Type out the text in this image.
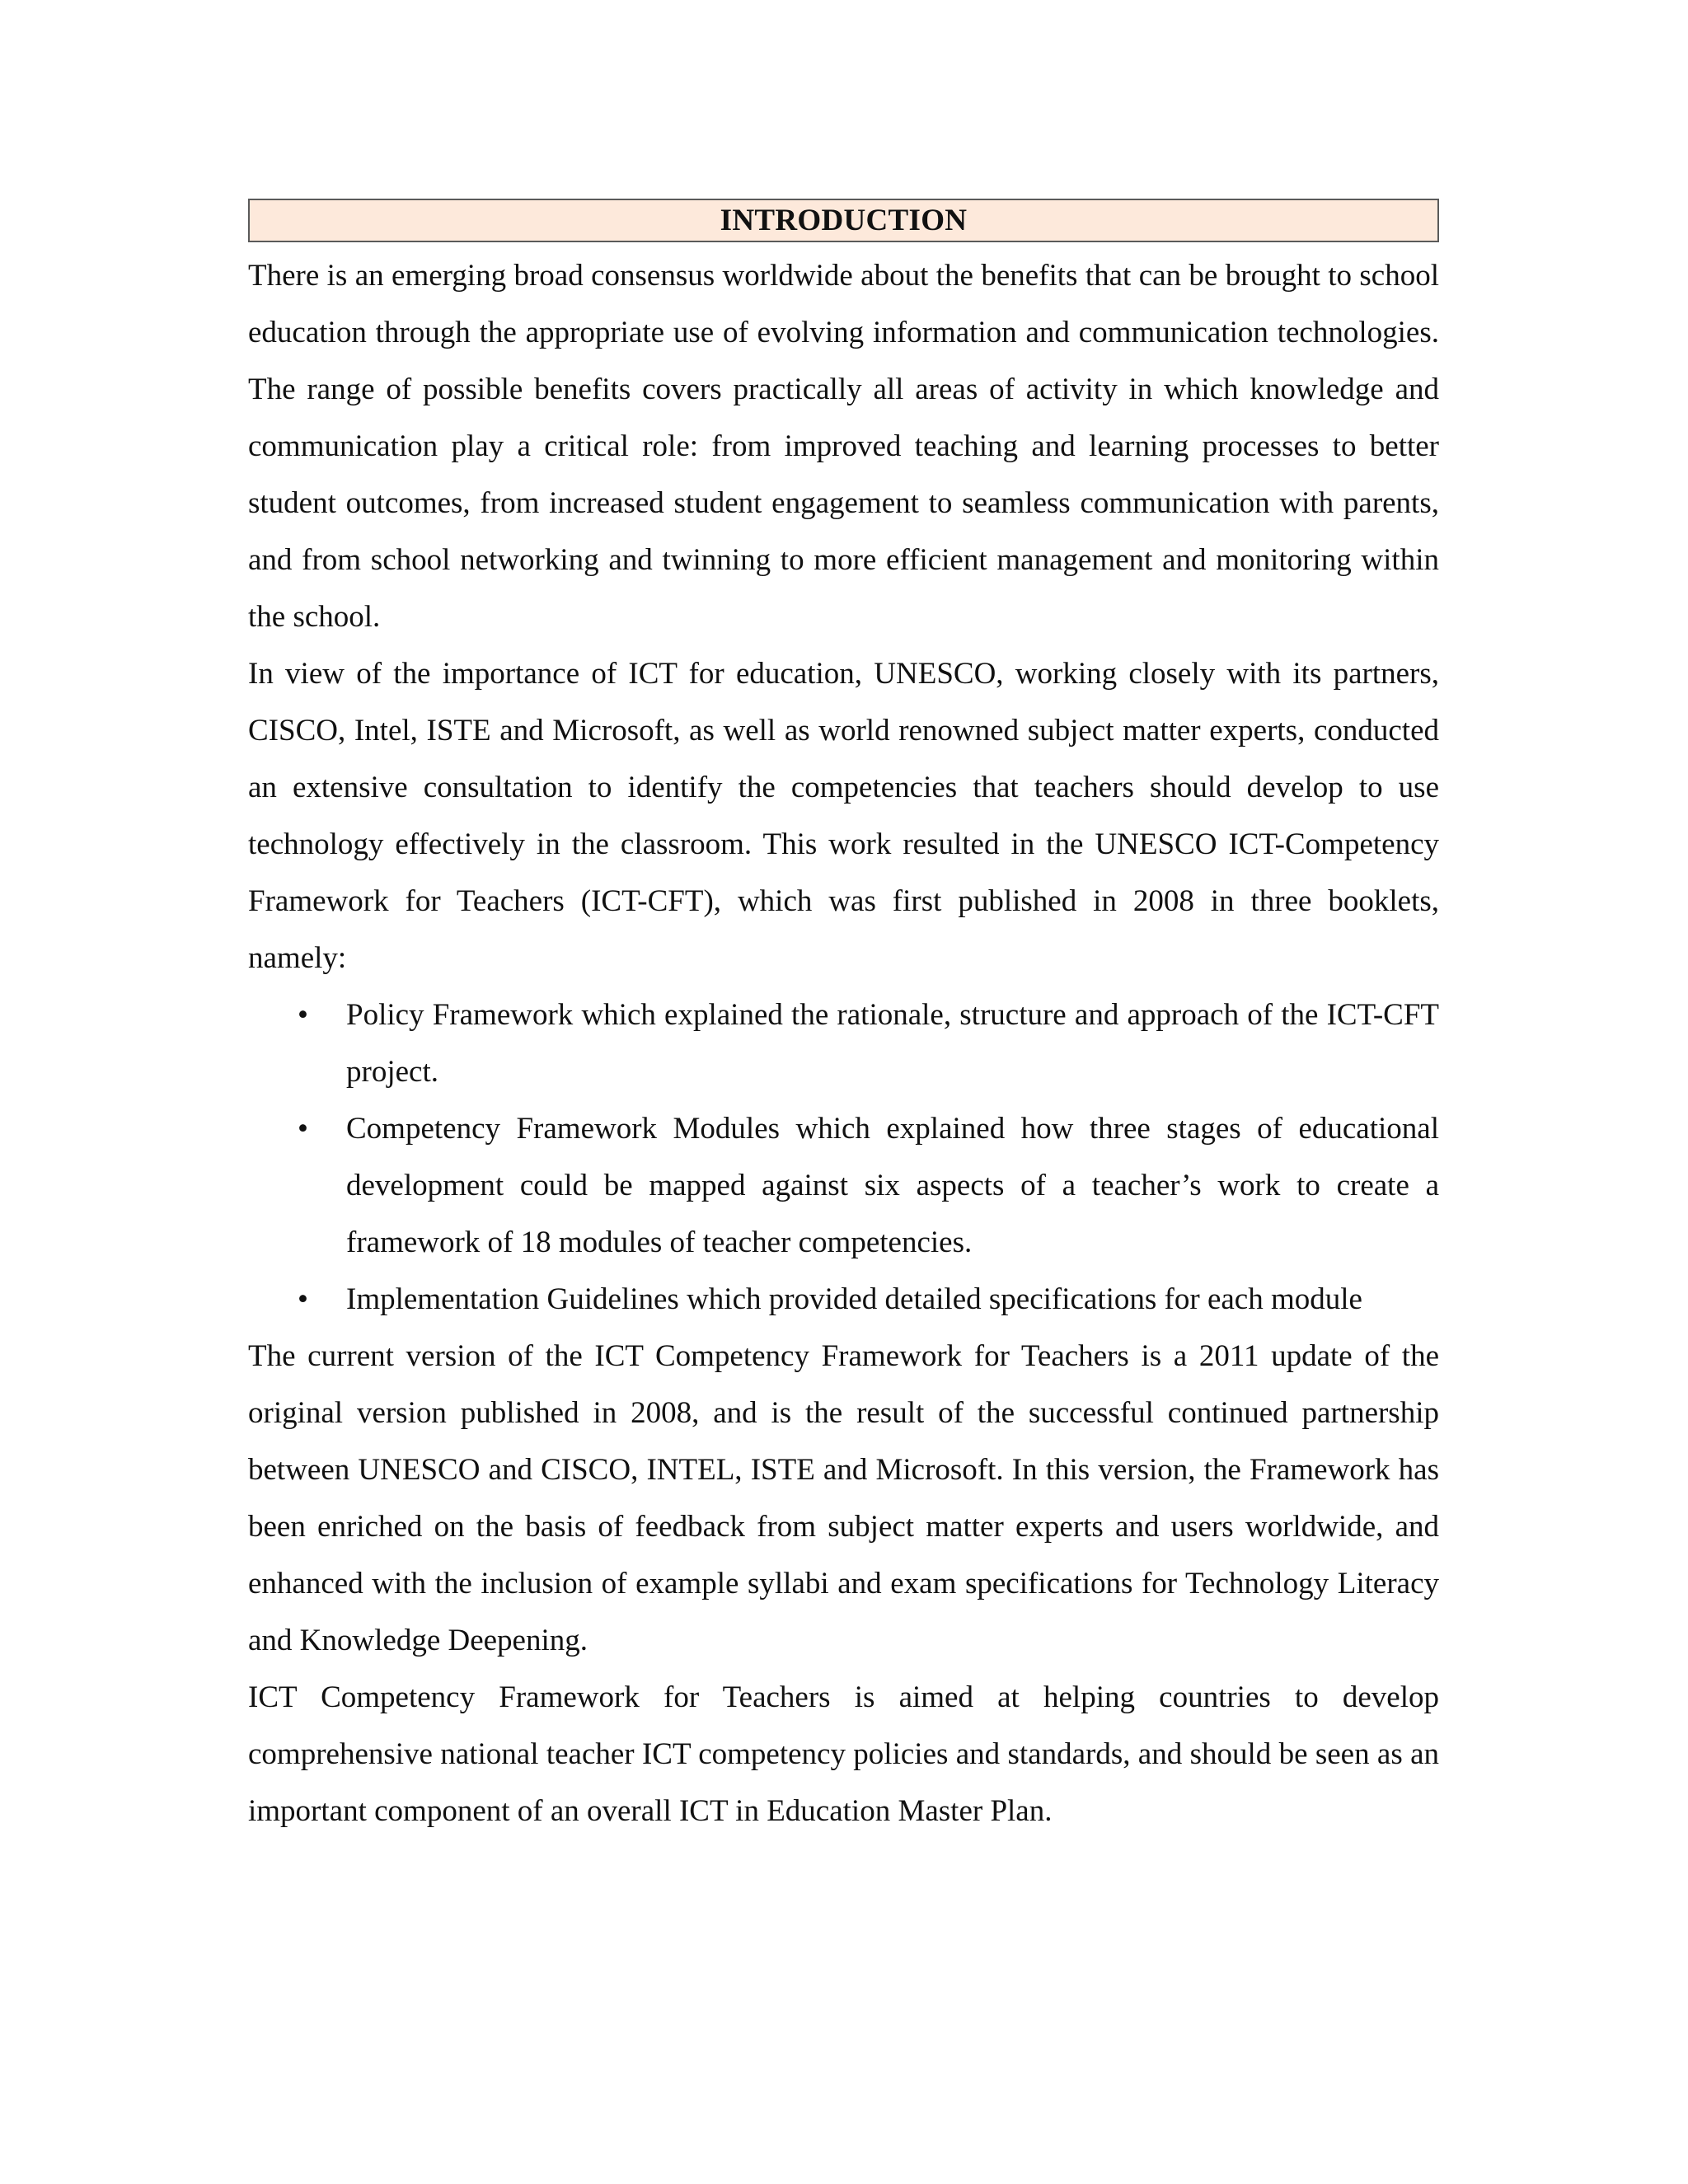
INTRODUCTION

There is an emerging broad consensus worldwide about the benefits that can be brought to school education through the appropriate use of evolving information and communication technologies. The range of possible benefits covers practically all areas of activity in which knowledge and communication play a critical role: from improved teaching and learning processes to better student outcomes, from increased student engagement to seamless communication with parents, and from school networking and twinning to more efficient management and monitoring within the school.

In view of the importance of ICT for education, UNESCO, working closely with its partners, CISCO, Intel, ISTE and Microsoft, as well as world renowned subject matter experts, conducted an extensive consultation to identify the competencies that teachers should develop to use technology effectively in the classroom. This work resulted in the UNESCO ICT-Competency Framework for Teachers (ICT-CFT), which was first published in 2008 in three booklets, namely:

• Policy Framework which explained the rationale, structure and approach of the ICT-CFT project.
• Competency Framework Modules which explained how three stages of educational development could be mapped against six aspects of a teacher’s work to create a framework of 18 modules of teacher competencies.
• Implementation Guidelines which provided detailed specifications for each module

The current version of the ICT Competency Framework for Teachers is a 2011 update of the original version published in 2008, and is the result of the successful continued partnership between UNESCO and CISCO, INTEL, ISTE and Microsoft. In this version, the Framework has been enriched on the basis of feedback from subject matter experts and users worldwide, and enhanced with the inclusion of example syllabi and exam specifications for Technology Literacy and Knowledge Deepening.

ICT Competency Framework for Teachers is aimed at helping countries to develop comprehensive national teacher ICT competency policies and standards, and should be seen as an important component of an overall ICT in Education Master Plan.
